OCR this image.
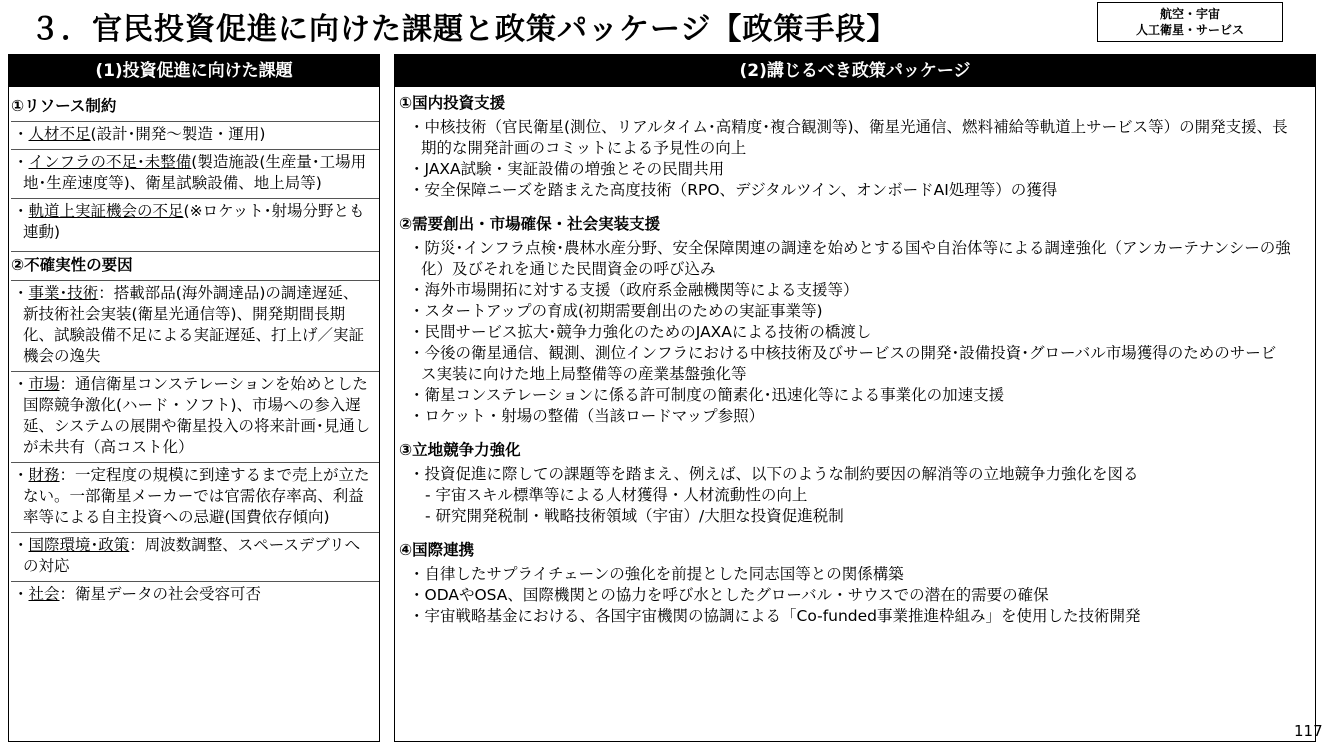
３．官民投資促進に向けた課題と政策パッケージ【政策手段】	航空・宇宙
人工衛星・サービス
(1)投資促進に向けた課題
①リソース制約
・人材不足(設計･開発～製造・運用)
・インフラの不足･未整備(製造施設(生産量･工場用地･生産速度等)、衛星試験設備、地上局等)
・軌道上実証機会の不足(※ロケット･射場分野とも連動)
②不確実性の要因
・事業･技術：搭載部品(海外調達品)の調達遅延、新技術社会実装(衛星光通信等)、開発期間長期化、試験設備不足による実証遅延、打上げ／実証機会の逸失
・市場：通信衛星コンステレーションを始めとした国際競争激化(ハード・ソフト)、市場への参入遅延、システムの展開や衛星投入の将来計画･見通しが未共有（高コスト化）
・財務：一定程度の規模に到達するまで売上が立たない。一部衛星メーカーでは官需依存率高、利益率等による自主投資への忌避(国費依存傾向)
・国際環境･政策：周波数調整、スペースデブリへの対応
・社会：衛星データの社会受容可否
(2)講じるべき政策パッケージ
①国内投資支援
・中核技術（官民衛星(測位、リアルタイム･高精度･複合観測等)、衛星光通信、燃料補給等軌道上サービス等）の開発支援、長期的な開発計画のコミットによる予見性の向上
・JAXA試験・実証設備の増強とその民間共用
・安全保障ニーズを踏まえた高度技術（RPO、デジタルツイン、オンボードAI処理等）の獲得
②需要創出・市場確保・社会実装支援
・防災･インフラ点検･農林水産分野、安全保障関連の調達を始めとする国や自治体等による調達強化（アンカーテナンシーの強化）及びそれを通じた民間資金の呼び込み
・海外市場開拓に対する支援（政府系金融機関等による支援等）
・スタートアップの育成(初期需要創出のための実証事業等)
・民間サービス拡大･競争力強化のためのJAXAによる技術の橋渡し
・今後の衛星通信、観測、測位インフラにおける中核技術及びサービスの開発･設備投資･グローバル市場獲得のためのサービス実装に向けた地上局整備等の産業基盤強化等
・衛星コンステレーションに係る許可制度の簡素化･迅速化等による事業化の加速支援
・ロケット・射場の整備（当該ロードマップ参照）
③立地競争力強化
・投資促進に際しての課題等を踏まえ、例えば、以下のような制約要因の解消等の立地競争力強化を図る
- 宇宙スキル標準等による人材獲得・人材流動性の向上
- 研究開発税制・戦略技術領域（宇宙）/大胆な投資促進税制
④国際連携
・自律したサプライチェーンの強化を前提とした同志国等との関係構築
・ODAやOSA、国際機関との協力を呼び水としたグローバル・サウスでの潜在的需要の確保
・宇宙戦略基金における、各国宇宙機関の協調による「Co-funded事業推進枠組み」を使用した技術開発
117
